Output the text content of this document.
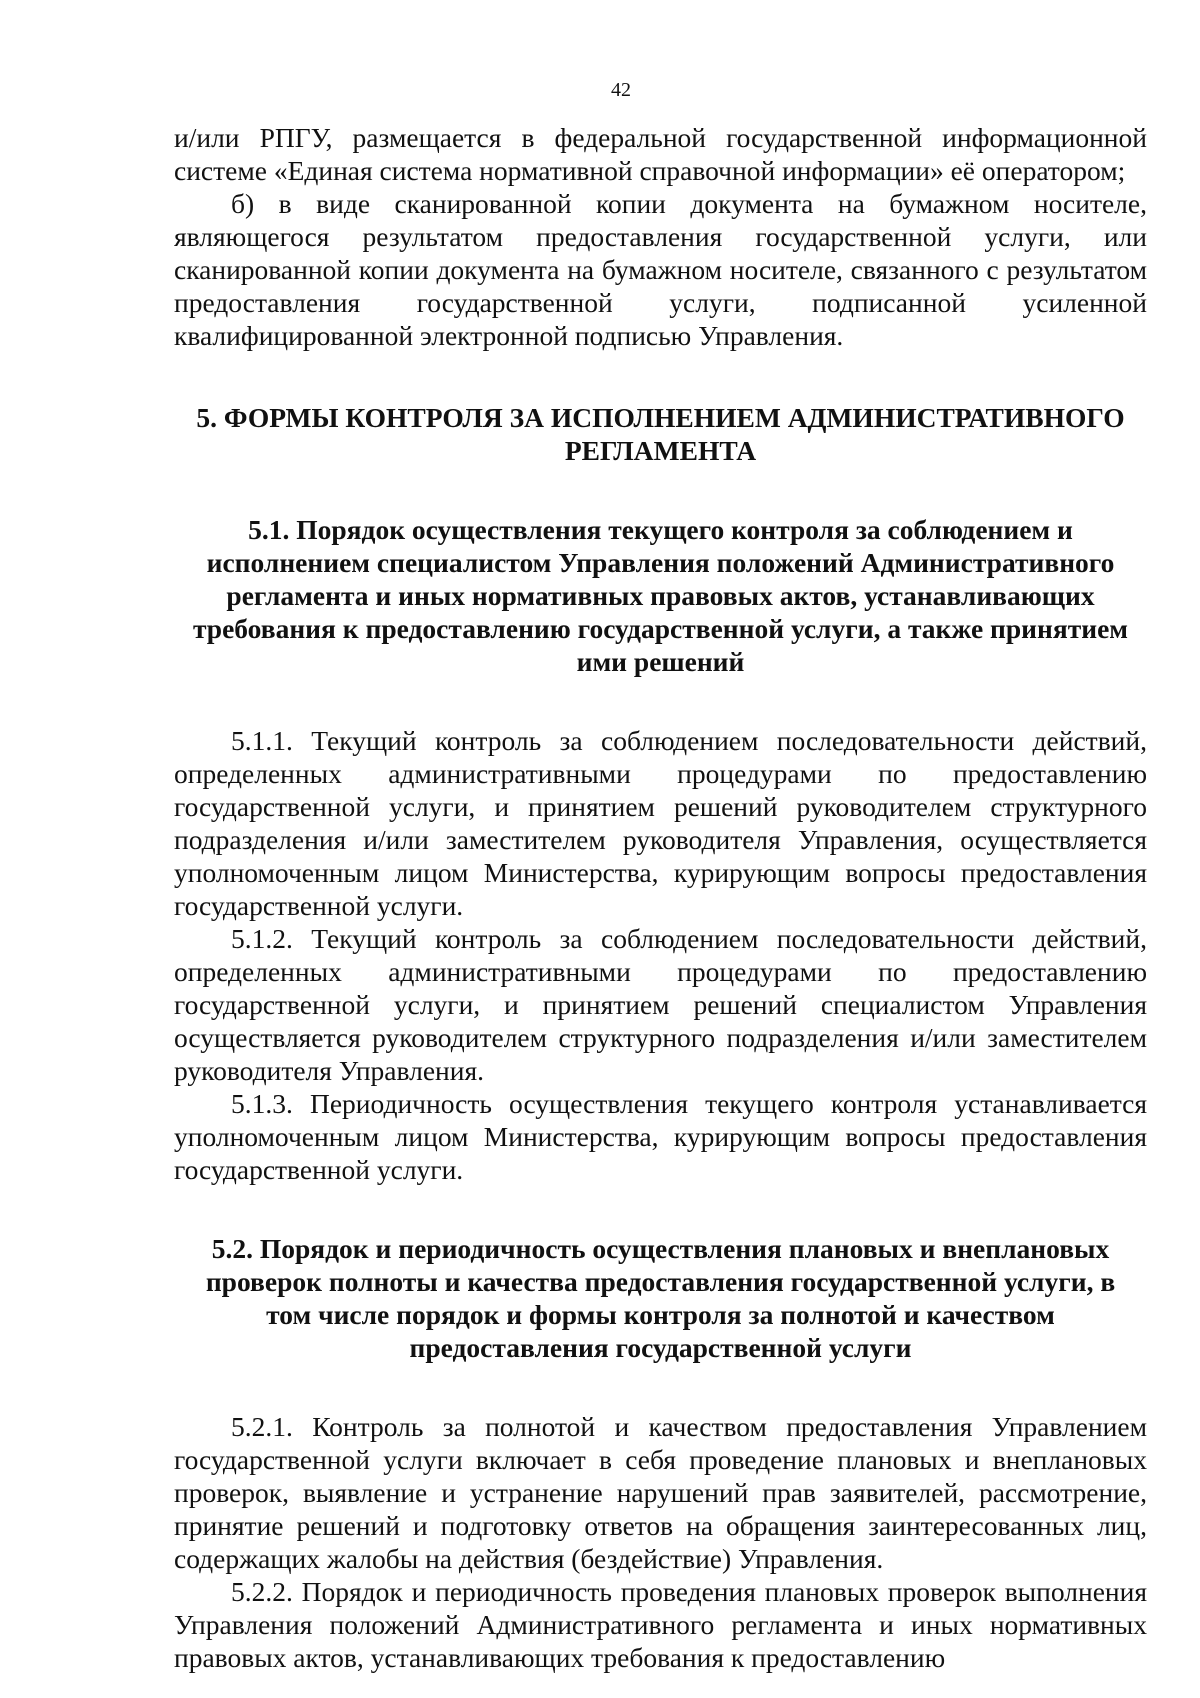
42

и/или РПГУ, размещается в федеральной государственной информационной системе «Единая система нормативной справочной информации» её оператором;

б) в виде сканированной копии документа на бумажном носителе, являющегося результатом предоставления государственной услуги, или сканированной копии документа на бумажном носителе, связанного с результатом предоставления государственной услуги, подписанной усиленной квалифицированной электронной подписью Управления.

5. ФОРМЫ КОНТРОЛЯ ЗА ИСПОЛНЕНИЕМ АДМИНИСТРАТИВНОГО
РЕГЛАМЕНТА
5.1. Порядок осуществления текущего контроля за соблюдением и
исполнением специалистом Управления положений Административного
регламента и иных нормативных правовых актов, устанавливающих
требования к предоставлению государственной услуги, а также принятием
ими решений

5.1.1. Текущий контроль за соблюдением последовательности действий, определенных административными процедурами по предоставлению государственной услуги, и принятием решений руководителем структурного подразделения и/или заместителем руководителя Управления, осуществляется уполномоченным лицом Министерства, курирующим вопросы предоставления государственной услуги.

5.1.2. Текущий контроль за соблюдением последовательности действий, определенных административными процедурами по предоставлению государственной услуги, и принятием решений специалистом Управления осуществляется руководителем структурного подразделения и/или заместителем руководителя Управления.

5.1.3. Периодичность осуществления текущего контроля устанавливается уполномоченным лицом Министерства, курирующим вопросы предоставления государственной услуги.

5.2. Порядок и периодичность осуществления плановых и внеплановых
проверок полноты и качества предоставления государственной услуги, в
том числе порядок и формы контроля за полнотой и качеством
предоставления государственной услуги

5.2.1. Контроль за полнотой и качеством предоставления Управлением государственной услуги включает в себя проведение плановых и внеплановых проверок, выявление и устранение нарушений прав заявителей, рассмотрение, принятие решений и подготовку ответов на обращения заинтересованных лиц, содержащих жалобы на действия (бездействие) Управления.

5.2.2. Порядок и периодичность проведения плановых проверок выполнения Управления положений Административного регламента и иных нормативных правовых актов, устанавливающих требования к предоставлению
